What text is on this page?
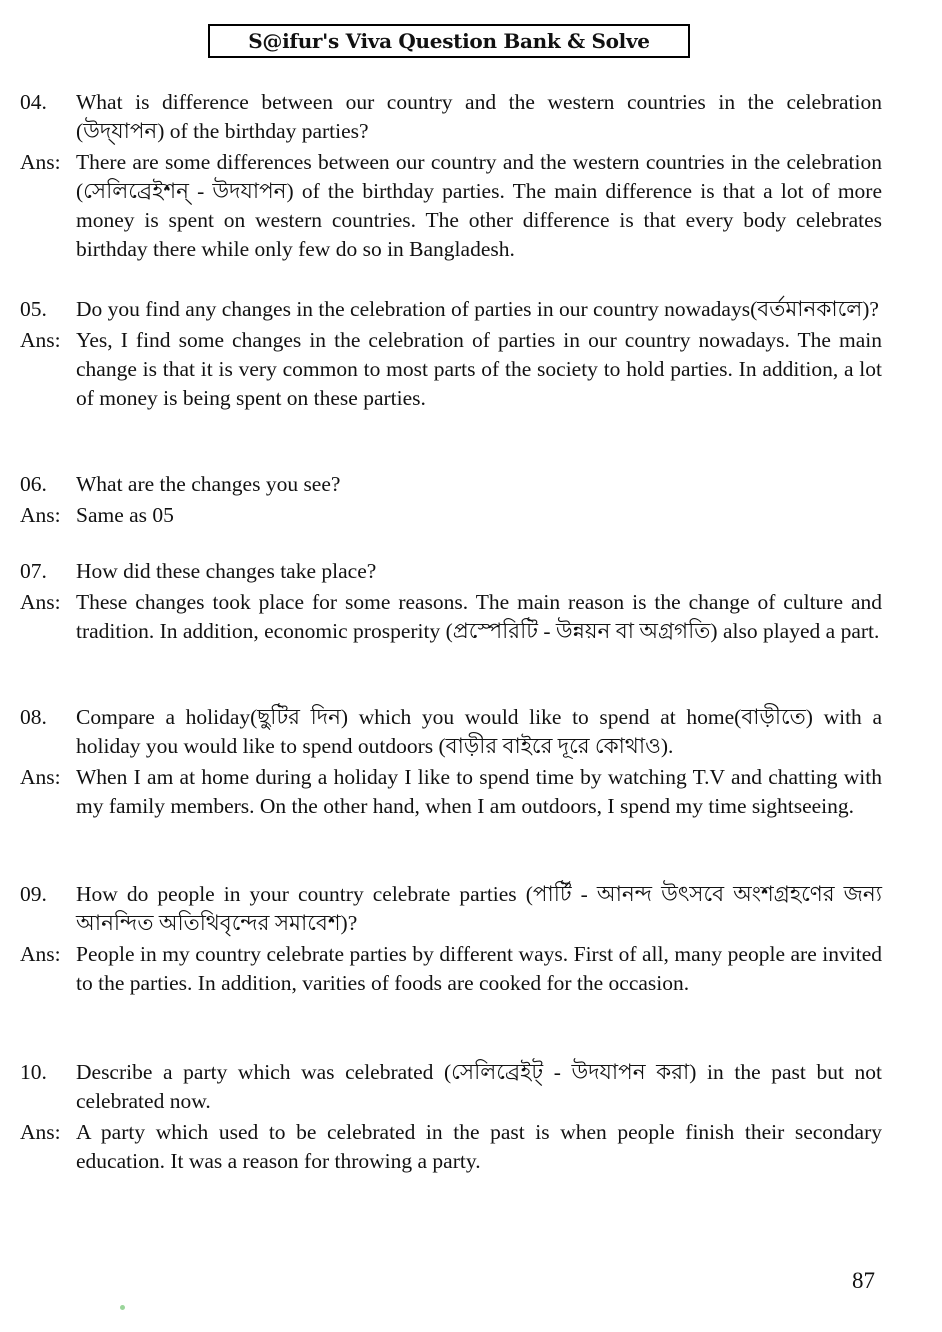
S@ifur's Viva Question Bank & Solve
04.	What is difference between our country and the western countries in the celebration (উদ্‌যাপন) of the birthday parties?
Ans: There are some differences between our country and the western countries in the celebration (সেলিব্রেইশন্ - উদযাপন) of the birthday parties. The main difference is that a lot of more money is spent on western countries. The other difference is that every body celebrates birthday there while only few do so in Bangladesh.
05.	Do you find any changes in the celebration of parties in our country nowadays(বর্তমানকালে)?
Ans: Yes, I find some changes in the celebration of parties in our country nowadays. The main change is that it is very common to most parts of the society to hold parties. In addition, a lot of money is being spent on these parties.
06.	What are the changes you see?
Ans: Same as 05
07.	How did these changes take place?
Ans: These changes took place for some reasons. The main reason is the change of culture and tradition. In addition, economic prosperity (প্রস্পেরিটি - উন্নয়ন বা অগ্রগতি) also played a part.
08.	Compare a holiday(ছুটির দিন) which you would like to spend at home(বাড়ীতে) with a holiday you would like to spend outdoors (বাড়ীর বাইরে দূরে কোথাও).
Ans: When I am at home during a holiday I like to spend time by watching T.V and chatting with my family members. On the other hand, when I am outdoors, I spend my time sightseeing.
09.	How do people in your country celebrate parties (পার্টি - আনন্দ উৎসবে অংশগ্রহণের জন্য আনন্দিত অতিথিবৃন্দের সমাবেশ)?
Ans: People in my country celebrate parties by different ways. First of all, many people are invited to the parties. In addition, varities of foods are cooked for the occasion.
10.	Describe a party which was celebrated (সেলিব্রেইট্ - উদযাপন করা) in the past but not celebrated now.
Ans: A party which used to be celebrated in the past is when people finish their secondary education. It was a reason for throwing a party.
87
